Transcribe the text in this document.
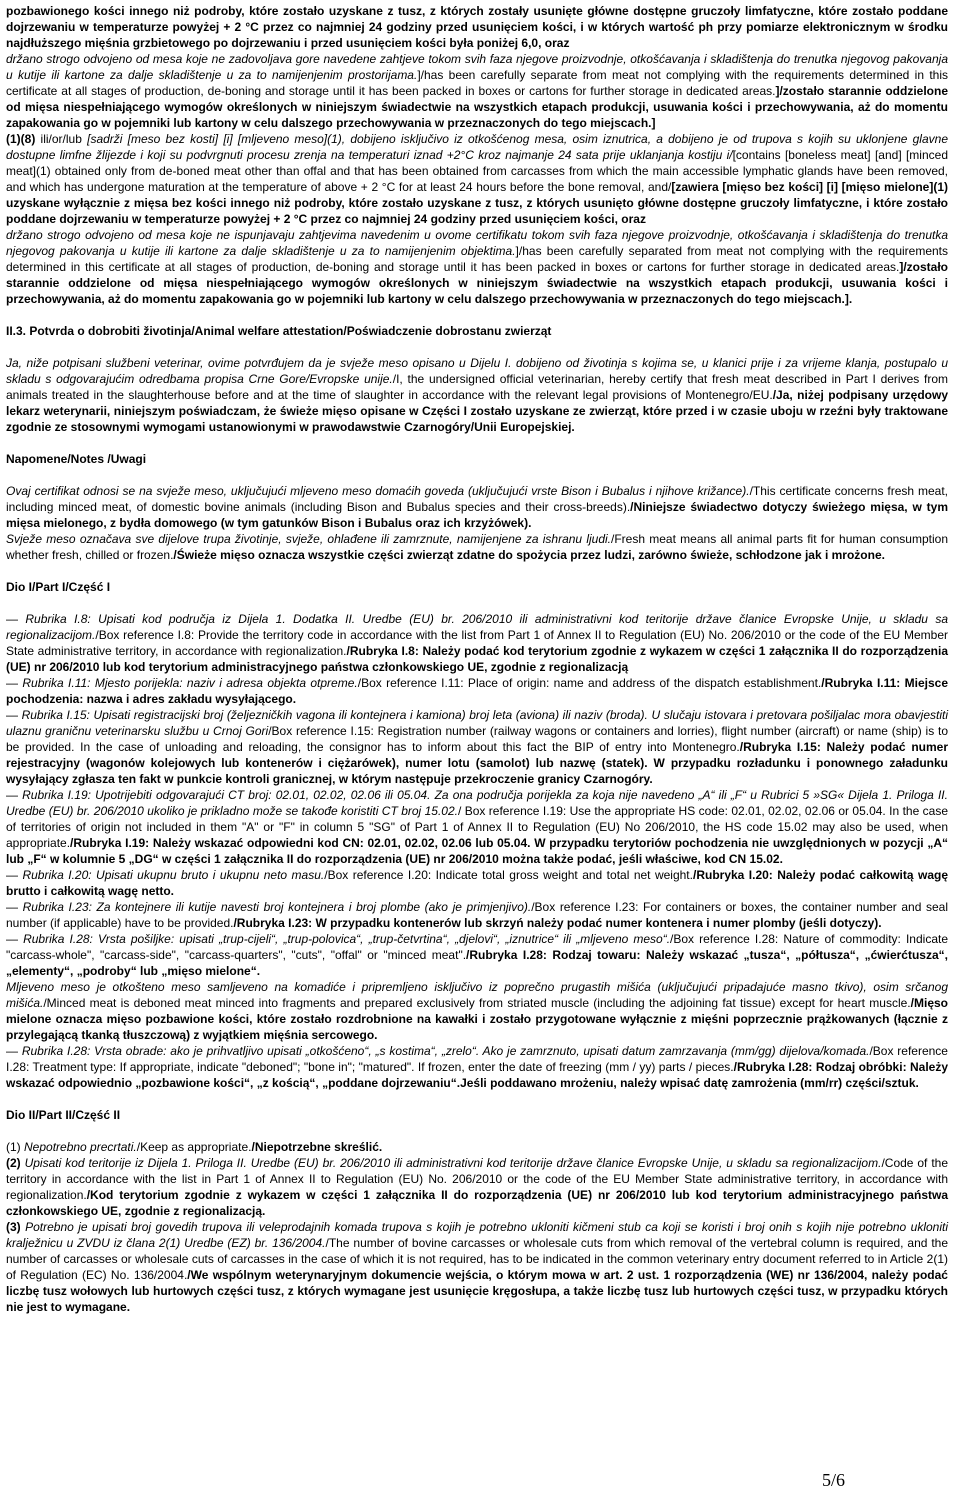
pozbawionego kości innego niż podroby, które zostało uzyskane z tusz, z których zostały usunięte główne dostępne gruczoły limfatyczne, które zostało poddane dojrzewaniu w temperaturze powyżej + 2 °C przez co najmniej 24 godziny przed usunięciem kości, i w których wartość ph przy pomiarze elektronicznym w środku najdłuższego mięśnia grzbietowego po dojrzewaniu i przed usunięciem kości była poniżej 6,0, oraz

držano strogo odvojeno od mesa koje ne zadovoljava gore navedene zahtjeve tokom svih faza njegove proizvodnje, otkošćavanja i skladištenja do trenutka njegovog pakovanja u kutije ili kartone za dalje skladištenje u za to namijenjenim prostorijama.]/has been carefully separate from meat not complying with the requirements determined in this certificate at all stages of production, de-boning and storage until it has been packed in boxes or cartons for further storage in dedicated areas.]/zostało starannie oddzielone od mięsa niespełniającego wymogów określonych w niniejszym świadectwie na wszystkich etapach produkcji, usuwania kości i przechowywania, aż do momentu zapakowania go w pojemniki lub kartony w celu dalszego przechowywania w przeznaczonych do tego miejscach.]

(1)(8) ili/or/lub [sadrži [meso bez kosti] [i] [mljeveno meso](1), dobijeno isključivo iz otkošćenog mesa, osim iznutrica, a dobijeno je od trupova s kojih su uklonjene glavne dostupne limfne žlijezde i koji su podvrgnuti procesu zrenja na temperaturi iznad +2°C kroz najmanje 24 sata prije uklanjanja kostiju i/[contains [boneless meat] [and] [minced meat](1) obtained only from de-boned meat other than offal and that has been obtained from carcasses from which the main accessible lymphatic glands have been removed, and which has undergone maturation at the temperature of above + 2 °C for at least 24 hours before the bone removal, and/[zawiera [mięso bez kości] [i] [mięso mielone](1) uzyskane wyłącznie z mięsa bez kości innego niż podroby, które zostało uzyskane z tusz, z których usunięto główne dostępne gruczoły limfatyczne, i które zostało poddane dojrzewaniu w temperaturze powyżej + 2 °C przez co najmniej 24 godziny przed usunięciem kości, oraz

držano strogo odvojeno od mesa koje ne ispunjavaju zahtjevima navedenim u ovome certifikatu tokom svih faza njegove proizvodnje, otkošćavanja i skladištenja do trenutka njegovog pakovanja u kutije ili kartone za dalje skladištenje u za to namijenjenim objektima.]/has been carefully separated from meat not complying with the requirements determined in this certificate at all stages of production, de-boning and storage until it has been packed in boxes or cartons for further storage in dedicated areas.]/zostało starannie oddzielone od mięsa niespełniającego wymogów określonych w niniejszym świadectwie na wszystkich etapach produkcji, usuwania kości i przechowywania, aż do momentu zapakowania go w pojemniki lub kartony w celu dalszego przechowywania w przeznaczonych do tego miejscach.].

II.3. Potvrda o dobrobiti životinja/Animal welfare attestation/Poświadczenie dobrostanu zwierząt

Ja, niže potpisani službeni veterinar, ovime potvrđujem da je svježe meso opisano u Dijelu I. dobijeno od životinja s kojima se, u klanici prije i za vrijeme klanja, postupalo u skladu s odgovarajućim odredbama propisa Crne Gore/Evropske unije./I, the undersigned official veterinarian, hereby certify that fresh meat described in Part I derives from animals treated in the slaughterhouse before and at the time of slaughter in accordance with the relevant legal provisions of Montenegro/EU./Ja, niżej podpisany urzędowy lekarz weterynarii, niniejszym poświadczam, że świeże mięso opisane w Części I zostało uzyskane ze zwierząt, które przed i w czasie uboju w rzeźni były traktowane zgodnie ze stosownymi wymogami ustanowionymi w prawodawstwie Czarnogóry/Unii Europejskiej.

Napomene/Notes /Uwagi

Ovaj certifikat odnosi se na svježe meso, uključujući mljeveno meso domaćih goveda (uključujući vrste Bison i Bubalus i njihove križance)./This certificate concerns fresh meat, including minced meat, of domestic bovine animals (including Bison and Bubalus species and their cross-breeds)./Niniejsze świadectwo dotyczy świeżego mięsa, w tym mięsa mielonego, z bydła domowego (w tym gatunków Bison i Bubalus oraz ich krzyżówek).

Svježe meso označava sve dijelove trupa životinje, svježe, ohlađene ili zamrznute, namijenjene za ishranu ljudi./Fresh meat means all animal parts fit for human consumption whether fresh, chilled or frozen./Świeże mięso oznacza wszystkie części zwierząt zdatne do spożycia przez ludzi, zarówno świeże, schłodzone jak i mrożone.

Dio I/Part I/Część I

— Rubrika I.8: Upisati kod područja iz Dijela 1. Dodatka II. Uredbe (EU) br. 206/2010 ili administrativni kod teritorije države članice Evropske Unije, u skladu sa regionalizacijom./Box reference I.8: Provide the territory code in accordance with the list from Part 1 of Annex II to Regulation (EU) No. 206/2010 or the code of the EU Member State administrative territory, in accordance with regionalization./Rubryka I.8: Należy podać kod terytorium zgodnie z wykazem w części 1 załącznika II do rozporządzenia (UE) nr 206/2010 lub kod terytorium administracyjnego państwa członkowskiego UE, zgodnie z regionalizacją

— Rubrika I.11: Mjesto porijekla: naziv i adresa objekta otpreme./Box reference I.11: Place of origin: name and address of the dispatch establishment./Rubryka I.11: Miejsce pochodzenia: nazwa i adres zakładu wysyłającego.

— Rubrika I.15: Upisati registracijski broj (željezničkih vagona ili kontejnera i kamiona) broj leta (aviona) ili naziv (broda). U slučaju istovara i pretovara pošiljalac mora obavjestiti ulaznu graničnu veterinarsku službu u Crnoj Gori/Box reference I.15: Registration number (railway wagons or containers and lorries), flight number (aircraft) or name (ship) is to be provided. In the case of unloading and reloading, the consignor has to inform about this fact the BIP of entry into Montenegro./Rubryka I.15: Należy podać numer rejestracyjny (wagonów kolejowych lub kontenerów i ciężarówek), numer lotu (samolot) lub nazwę (statek). W przypadku rozładunku i ponownego załadunku wysyłający zgłasza ten fakt w punkcie kontroli granicznej, w którym następuje przekroczenie granicy Czarnogóry.

— Rubrika I.19: Upotrijebiti odgovarajući CT broj: 02.01, 02.02, 02.06 ili 05.04. Za ona područja porijekla za koja nije navedeno „A“ ili „F“ u Rubrici 5 »SG« Dijela 1. Priloga II. Uredbe (EU) br. 206/2010 ukoliko je prikladno može se takođe koristiti CT broj 15.02./ Box reference I.19: Use the appropriate HS code: 02.01, 02.02, 02.06 or 05.04. In the case of territories of origin not included in them "A" or "F" in column 5 "SG" of Part 1 of Annex II to Regulation (EU) No 206/2010, the HS code 15.02 may also be used, when appropriate./Rubryka I.19: Należy wskazać odpowiedni kod CN: 02.01, 02.02, 02.06 lub 05.04. W przypadku terytoriów pochodzenia nie uwzględnionych w pozycji „A“ lub „F“ w kolumnie 5 „DG“ w części 1 załącznika II do rozporządzenia (UE) nr 206/2010 można także podać, jeśli właściwe, kod CN 15.02.

— Rubrika I.20: Upisati ukupnu bruto i ukupnu neto masu./Box reference I.20: Indicate total gross weight and total net weight./Rubryka I.20: Należy podać całkowitą wagę brutto i całkowitą wagę netto.

— Rubrika I.23: Za kontejnere ili kutije navesti broj kontejnera i broj plombe (ako je primjenjivo)./Box reference I.23: For containers or boxes, the container number and seal number (if applicable) have to be provided./Rubryka I.23: W przypadku kontenerów lub skrzyń należy podać numer kontenera i numer plomby (jeśli dotyczy).

— Rubrika I.28: Vrsta pošiljke: upisati „trup-cijeli“, „trup-polovica“, „trup-četvrtina“, „djelovi“, „iznutrice“ ili „mljeveno meso“./Box reference I.28: Nature of commodity: Indicate "carcass-whole", "carcass-side", "carcass-quarters", "cuts", "offal" or "minced meat"./Rubryka I.28: Rodzaj towaru: Należy wskazać „tusza“, „półtusza“, „ćwierćtusza“, „elementy“, „podroby“ lub „mięso mielone“.

Mljeveno meso je otkošteno meso samljeveno na komadiće i pripremljeno isključivo iz poprečno prugastih mišića (uključujući pripadajuće masno tkivo), osim srčanog mišića./Minced meat is deboned meat minced into fragments and prepared exclusively from striated muscle (including the adjoining fat tissue) except for heart muscle./Mięso mielone oznacza mięso pozbawione kości, które zostało rozdrobnione na kawałki i zostało przygotowane wyłącznie z mięśni poprzecznie prążkowanych (łącznie z przylegającą tkanką tłuszczową) z wyjątkiem mięśnia sercowego.

— Rubrika I.28: Vrsta obrade: ako je prihvatljivo upisati „otkošćeno“, „s kostima“, „zrelo“. Ako je zamrznuto, upisati datum zamrzavanja (mm/gg) dijelova/komada./Box reference I.28: Treatment type: If appropriate, indicate "deboned"; "bone in"; "matured". If frozen, enter the date of freezing (mm / yy) parts / pieces./Rubryka I.28: Rodzaj obróbki: Należy wskazać odpowiednio „pozbawione kości“, „z kością“, „poddane dojrzewaniu“.Jeśli poddawano mrożeniu, należy wpisać datę zamrożenia (mm/rr) części/sztuk.

Dio II/Part II/Część II

(1) Nepotrebno precrtati./Keep as appropriate./Niepotrzebne skreślić.

(2) Upisati kod teritorije iz Dijela 1. Priloga II. Uredbe (EU) br. 206/2010 ili administrativni kod teritorije države članice Evropske Unije, u skladu sa regionalizacijom./Code of the territory in accordance with the list in Part 1 of Annex II to Regulation (EU) No. 206/2010 or the code of the EU Member State administrative territory, in accordance with regionalization./Kod terytorium zgodnie z wykazem w części 1 załącznika II do rozporządzenia (UE) nr 206/2010 lub kod terytorium administracyjnego państwa członkowskiego UE, zgodnie z regionalizacją.

(3) Potrebno je upisati broj govedih trupova ili veleprodajnih komada trupova s kojih je potrebno ukloniti kičmeni stub ca koji se koristi i broj onih s kojih nije potrebno ukloniti kralježnicu u ZVDU iz člana 2(1) Uredbe (EZ) br. 136/2004./The number of bovine carcasses or wholesale cuts from which removal of the vertebral column is required, and the number of carcasses or wholesale cuts of carcasses in the case of which it is not required, has to be indicated in the common veterinary entry document referred to in Article 2(1) of Regulation (EC) No. 136/2004./We wspólnym weterynaryjnym dokumencie wejścia, o którym mowa w art. 2 ust. 1 rozporządzenia (WE) nr 136/2004, należy podać liczbę tusz wołowych lub hurtowych części tusz, z których wymagane jest usunięcie kręgosłupa, a także liczbę tusz lub hurtowych części tusz, w przypadku których nie jest to wymagane.

5/6
